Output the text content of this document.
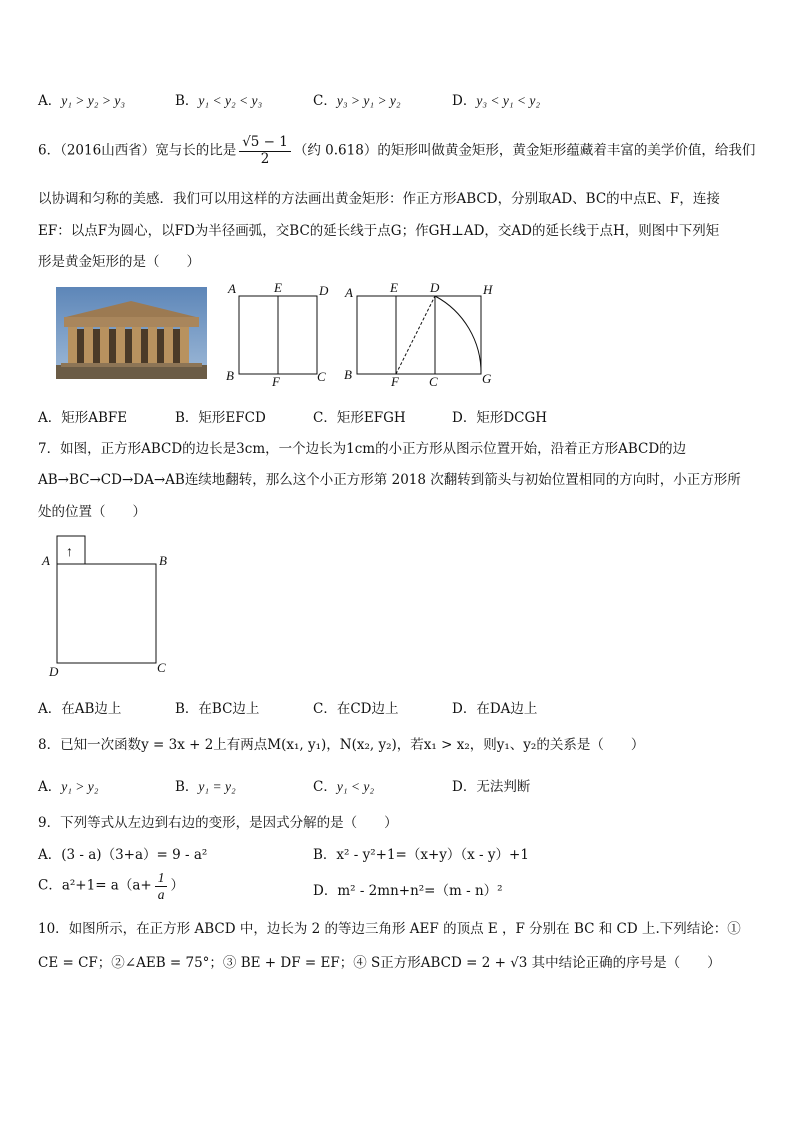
A．y₁ > y₂ > y₃	B．y₁ < y₂ < y₃	C．y₃ > y₁ > y₂	D．y₃ < y₁ < y₂
6．（2016山西省）宽与长的比是 $\frac{√5 - 1}{2}$ （约 0.618）的矩形叫做黄金矩形，黄金矩形蕴藏着丰富的美学价值，给我们
以协调和匀称的美感．我们可以用这样的方法画出黄金矩形：作正方形ABCD，分别取AD、BC的中点E、F，连接
EF：以点F为圆心，以FD为半径画弧，交BC的延长线于点G；作GH⊥AD，交AD的延长线于点H，则图中下列矩
形是黄金矩形的是（　　）
A	E	D
B	F	C
A	E D	H
B	F C	G
A．矩形ABFE	B．矩形EFCD	C．矩形EFGH	D．矩形DCGH
7．如图，正方形ABCD的边长是3cm，一个边长为1cm的小正方形从图示位置开始，沿着正方形ABCD的边
AB→BC→CD→DA→AB连续地翻转，那么这个小正方形第 2018 次翻转到箭头与初始位置相同的方向时，小正方形所
处的位置（　　）
↑
A	B
C
D
A．在AB边上	B．在BC边上	C．在CD边上	D．在DA边上
8．已知一次函数y = 3x + 2上有两点M(x₁, y₁)，N(x₂, y₂)，若x₁ > x₂，则y₁、y₂的关系是（　　）
A．y₁ > y₂	B．y₁ = y₂	C．y₁ < y₂	D．无法判断
9．下列等式从左边到右边的变形，是因式分解的是（　　）
A．(3 - a)（3+a）= 9 - a²	B．x² - y²+1=（x+y）（x - y）+1
C．$a^2+1= a(a+ \frac{1}{a}$ ）	D．m² - 2mn+n²=（m - n）²
10．如图所示，在正方形 ABCD 中，边长为 2 的等边三角形 AEF 的顶点 E ，F 分别在 BC 和 CD 上.下列结论：①
CE = CF；②∠AEB = 75°；③ BE + DF = EF；④ S正方形ABCD = 2 + √3 其中结论正确的序号是（　　）
